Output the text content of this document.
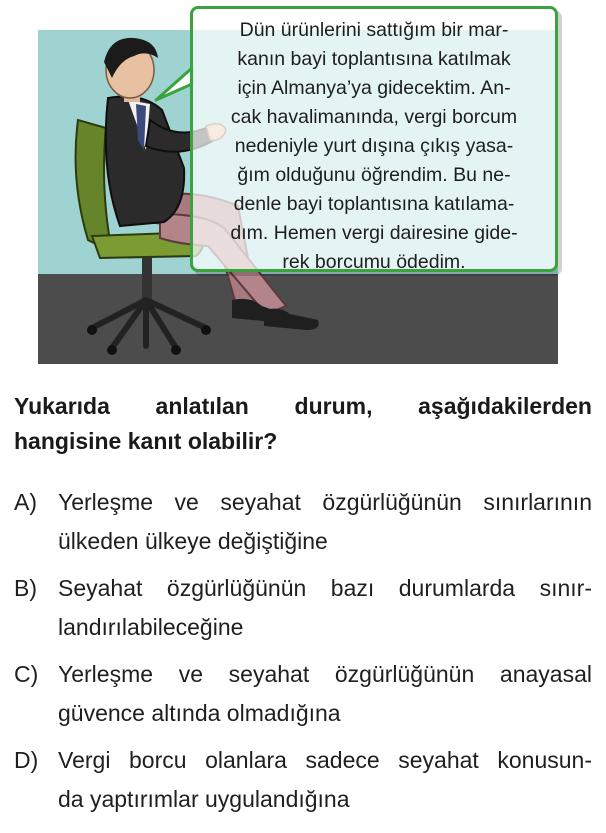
Dün ürünlerini sattığım bir mar-
kanın bayi toplantısına katılmak
için Almanya’ya gidecektim. An-
cak havalimanında, vergi borcum
nedeniyle yurt dışına çıkış yasa-
ğım olduğunu öğrendim. Bu ne-
denle bayi toplantısına katılama-
dım. Hemen vergi dairesine gide-
rek borcumu ödedim.

Yukarıda anlatılan durum, aşağıdakilerden
hangisine kanıt olabilir?

A) Yerleşme ve seyahat özgürlüğünün sınırlarının
ülkeden ülkeye değiştiğine
B) Seyahat özgürlüğünün bazı durumlarda sınır-
landırılabileceğine
C) Yerleşme ve seyahat özgürlüğünün anayasal
güvence altında olmadığına
D) Vergi borcu olanlara sadece seyahat konusun-
da yaptırımlar uygulandığına
